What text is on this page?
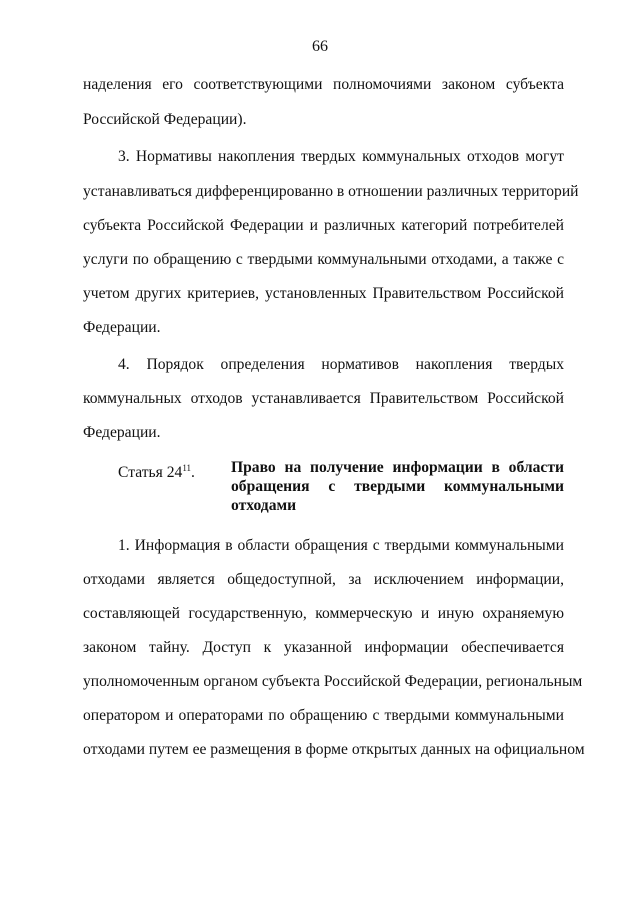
66
наделения его соответствующими полномочиями законом субъекта
Российской Федерации).
3. Нормативы накопления твердых коммунальных отходов могут
устанавливаться дифференцированно в отношении различных территорий
субъекта Российской Федерации и различных категорий потребителей
услуги по обращению с твердыми коммунальными отходами, а также с
учетом других критериев, установленных Правительством Российской
Федерации.
4. Порядок определения нормативов накопления твердых
коммунальных отходов устанавливается Правительством Российской
Федерации.
Статья $24^{11}$. Право на получение информации в области
обращения с твердыми коммунальными
отходами
1. Информация в области обращения с твердыми коммунальными
отходами является общедоступной, за исключением информации,
составляющей государственную, коммерческую и иную охраняемую
законом тайну. Доступ к указанной информации обеспечивается
уполномоченным органом субъекта Российской Федерации, региональным
оператором и операторами по обращению с твердыми коммунальными
отходами путем ее размещения в форме открытых данных на официальном
